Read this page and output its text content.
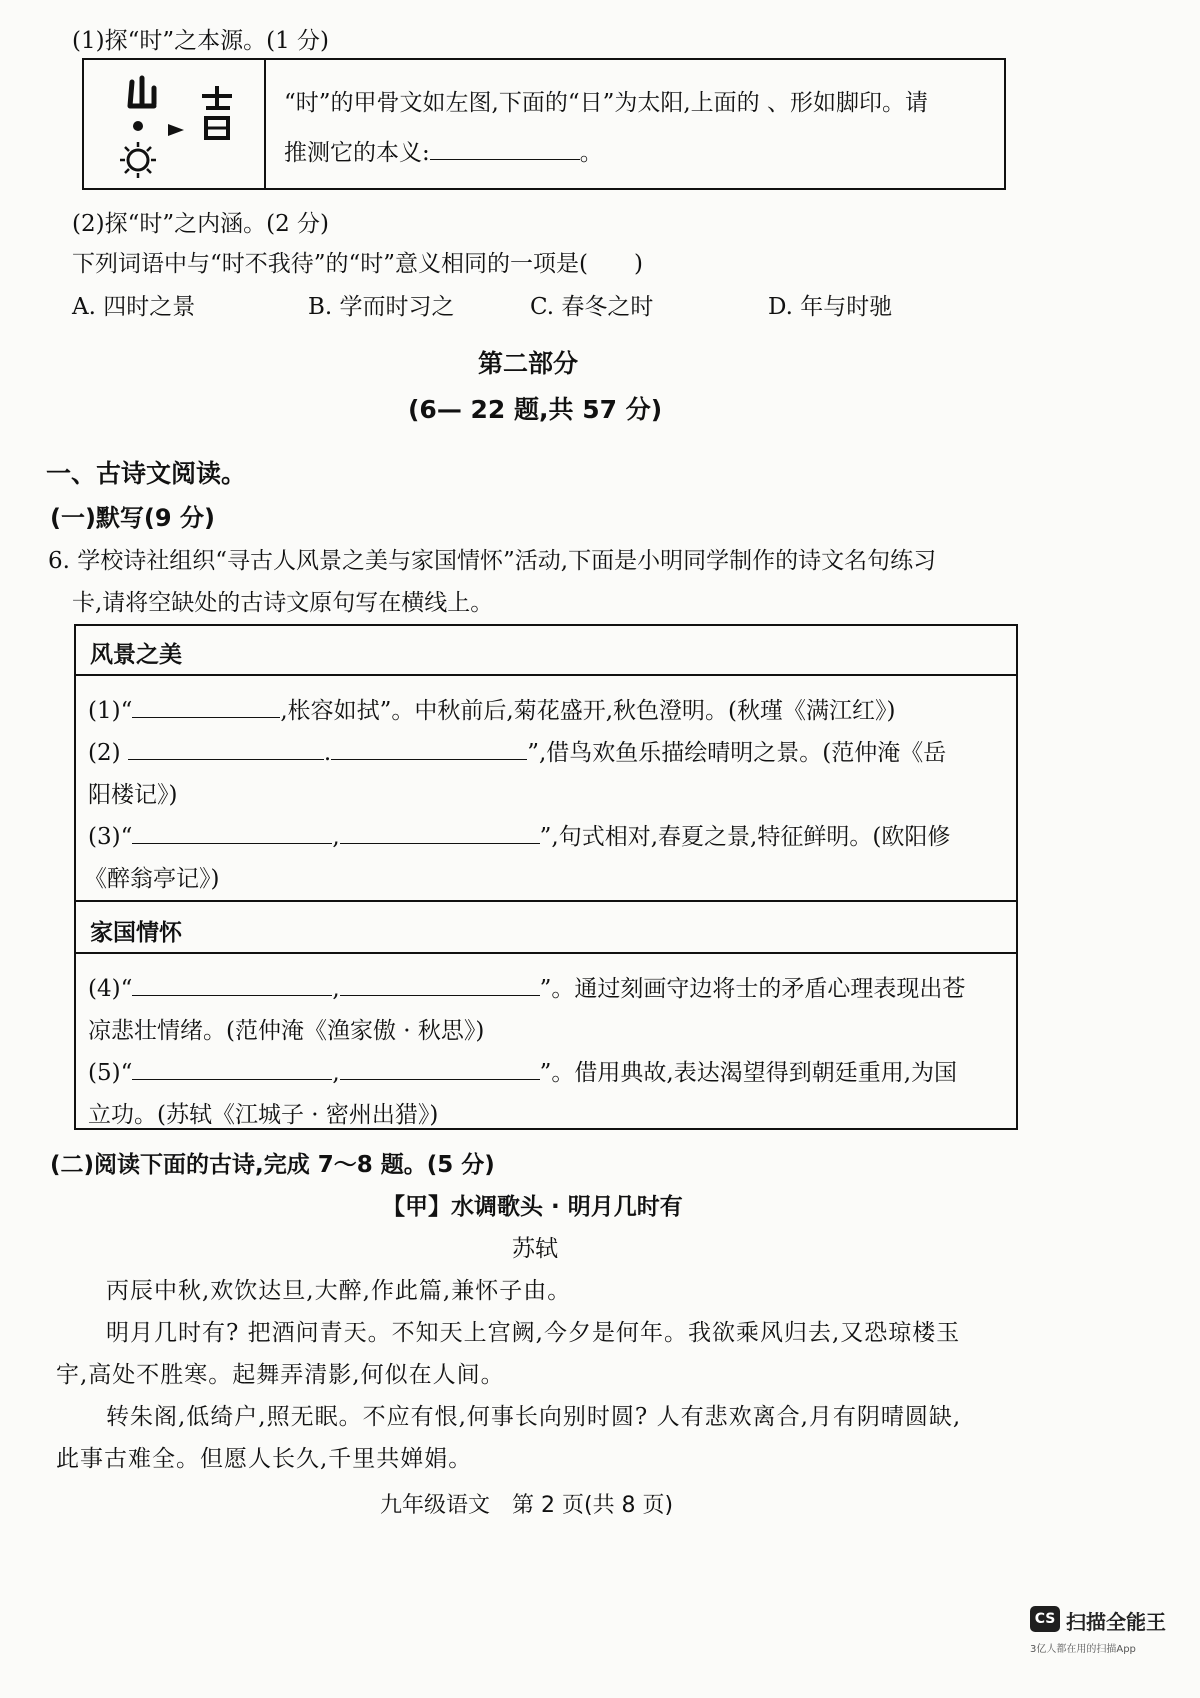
(1)探“时”之本源。(1 分)
“时”的甲骨文如左图,下面的“日”为太阳,上面的 、形如脚印。请
推测它的本义:	。
(2)探“时”之内涵。(2 分)
下列词语中与“时不我待”的“时”意义相同的一项是(　　)
A. 四时之景	B. 学而时习之	C. 春冬之时	D. 年与时驰
第二部分
(6— 22 题,共 57 分)
一、古诗文阅读。
(一)默写(9 分)
6. 学校诗社组织“寻古人风景之美与家国情怀”活动,下面是小明同学制作的诗文名句练习
卡,请将空缺处的古诗文原句写在横线上。
风景之美
(1)“	,枨容如拭”。中秋前后,菊花盛开,秋色澄明。(秋瑾《满江红》)
(2)	.	”,借鸟欢鱼乐描绘晴明之景。(范仲淹《岳
阳楼记》)
(3)“	,	”,句式相对,春夏之景,特征鲜明。(欧阳修
《醉翁亭记》)
家国情怀
(4)“	,	”。通过刻画守边将士的矛盾心理表现出苍
凉悲壮情绪。(范仲淹《渔家傲 · 秋思》)
(5)“	,	”。借用典故,表达渴望得到朝廷重用,为国
立功。(苏轼《江城子 · 密州出猎》)
(二)阅读下面的古诗,完成 7～8 题。(5 分)
【甲】水调歌头 · 明月几时有
苏轼
丙辰中秋,欢饮达旦,大醉,作此篇,兼怀子由。
明月几时有? 把酒问青天。不知天上宫阙,今夕是何年。我欲乘风归去,又恐琼楼玉
宇,高处不胜寒。起舞弄清影,何似在人间。
转朱阁,低绮户,照无眠。不应有恨,何事长向别时圆? 人有悲欢离合,月有阴晴圆缺,
此事古难全。但愿人长久,千里共婵娟。
九年级语文　第 2 页(共 8 页)
CS 扫描全能王
3亿人都在用的扫描App
